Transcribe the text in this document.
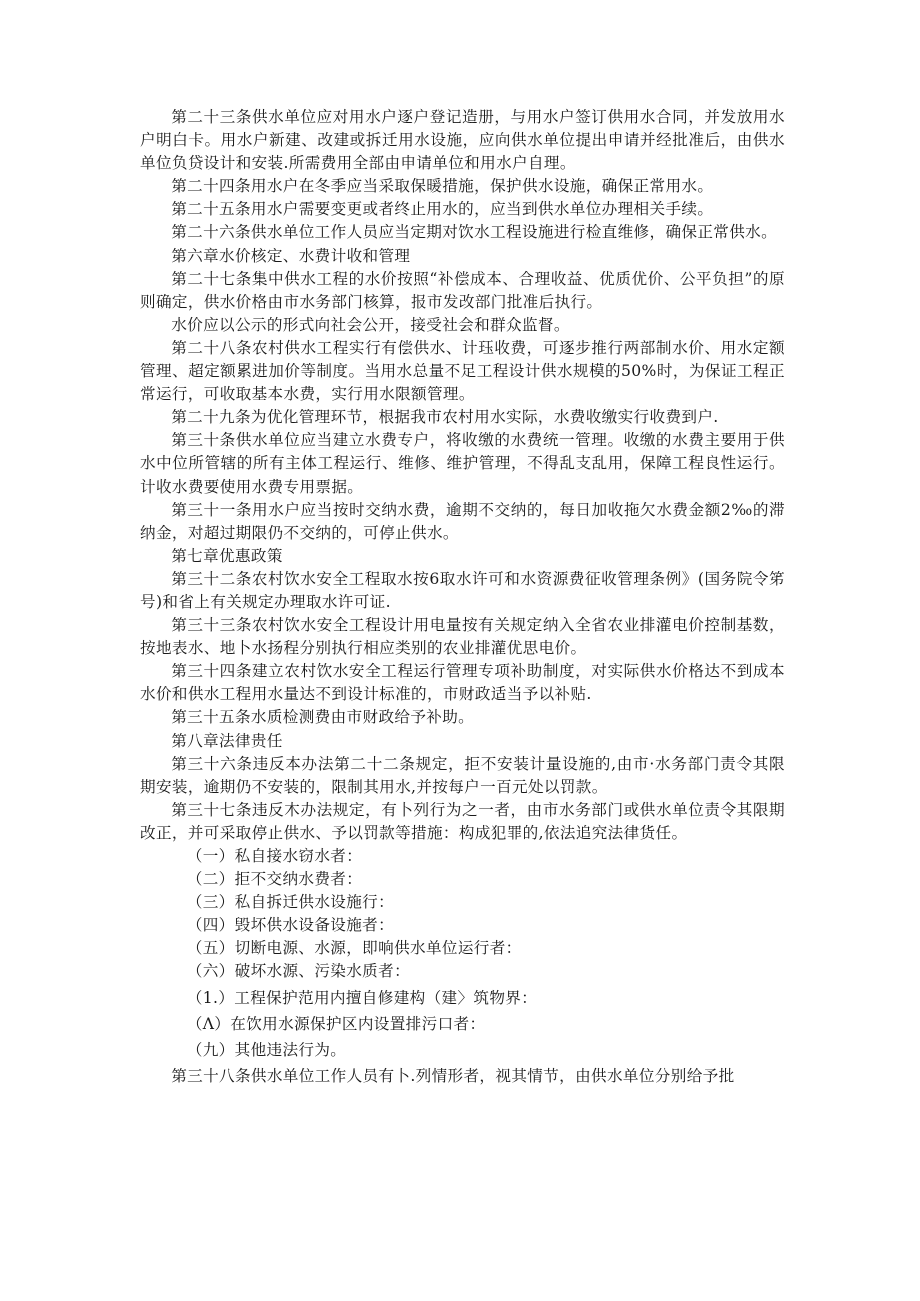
第二十三条供水单位应对用水户逐户登记造册，与用水户签订供用水合同，并发放用水户明白卡。用水户新建、改建或拆迁用水设施，应向供水单位提出申请并经批准后，由供水单位负贷设计和安装.所需费用全部由申请单位和用水户自理。

第二十四条用水户在冬季应当采取保暖措施，保护供水设施，确保正常用水。

第二十五条用水户需要变更或者终止用水的，应当到供水单位办理相关手续。

第二十六条供水单位工作人员应当定期对饮水工程设施进行检直维修，确保正常供水。

第六章水价核定、水费计收和管理

第二十七条集中供水工程的水价按照“补偿成本、合理收益、优质优价、公平负担”的原则确定，供水价格由市水务部门核算，报市发改部门批准后执行。

水价应以公示的形式向社会公开，接受社会和群众监督。

第二十八条农村供水工程实行有偿供水、计珏收费，可逐步推行两部制水价、用水定额管理、超定额累进加价等制度。当用水总量不足工程设计供水规模的50%时，为保证工程正常运行，可收取基本水费，实行用水限额管理。

第二十九条为优化管理环节，根据我市农村用水实际，水费收缴实行收费到户.

第三十条供水单位应当建立水费专户，将收缴的水费统一管理。收缴的水费主要用于供水中位所管辖的所有主体工程运行、维修、维护管理，不得乱支乱用，保障工程良性运行。计收水费要使用水费专用票据。

第三十一条用水户应当按时交纳水费，逾期不交纳的，每日加收拖欠水费金额2‰的滞纳金，对超过期限仍不交纳的，可停止供水。

第七章优惠政策

第三十二条农村饮水安全工程取水按6取水许可和水资源费征收管理条例》(国务院令笫号)和省上有关规定办理取水许可证.

第三十三条农村饮水安全工程设计用电量按有关规定纳入全省农业排灌电价控制基数，按地表水、地卜水扬程分别执行相应类别的农业排灌优思电价。

第三十四条建立农村饮水安全工程运行管理专项补助制度，对实际供水价格达不到成本水价和供水工程用水量达不到设计标准的，市财政适当予以补贴.

第三十五条水质检测费由市财政给予补助。

第八章法律贵任

第三十六条违反本办法第二十二条规定，拒不安装计量设施的,由市·水务部门责令其限期安装，逾期仍不安装的，限制其用水,并按每户一百元处以罚款。

第三十七条违反木办法规定，有卜列行为之一者，由市水务部门或供水单位责令其限期改正，并可采取停止供水、予以罚款等措施：构成犯罪的,依法追究法律货任。

（一）私自接水窃水者：

（二）拒不交纳水费者：

（三）私自拆迁供水设施行：

（四）毁坏供水设备设施者：

（五）切断电源、水源，即响供水单位运行者：

（六）破坏水源、污染水质者：

（1.）工程保护范用内擅自修建构（建〉筑物界：

（Λ）在饮用水源保护区内设置排污口者：

（九）其他违法行为。

第三十八条供水单位工作人员有卜.列情形者，视其情节，由供水单位分别给予批
